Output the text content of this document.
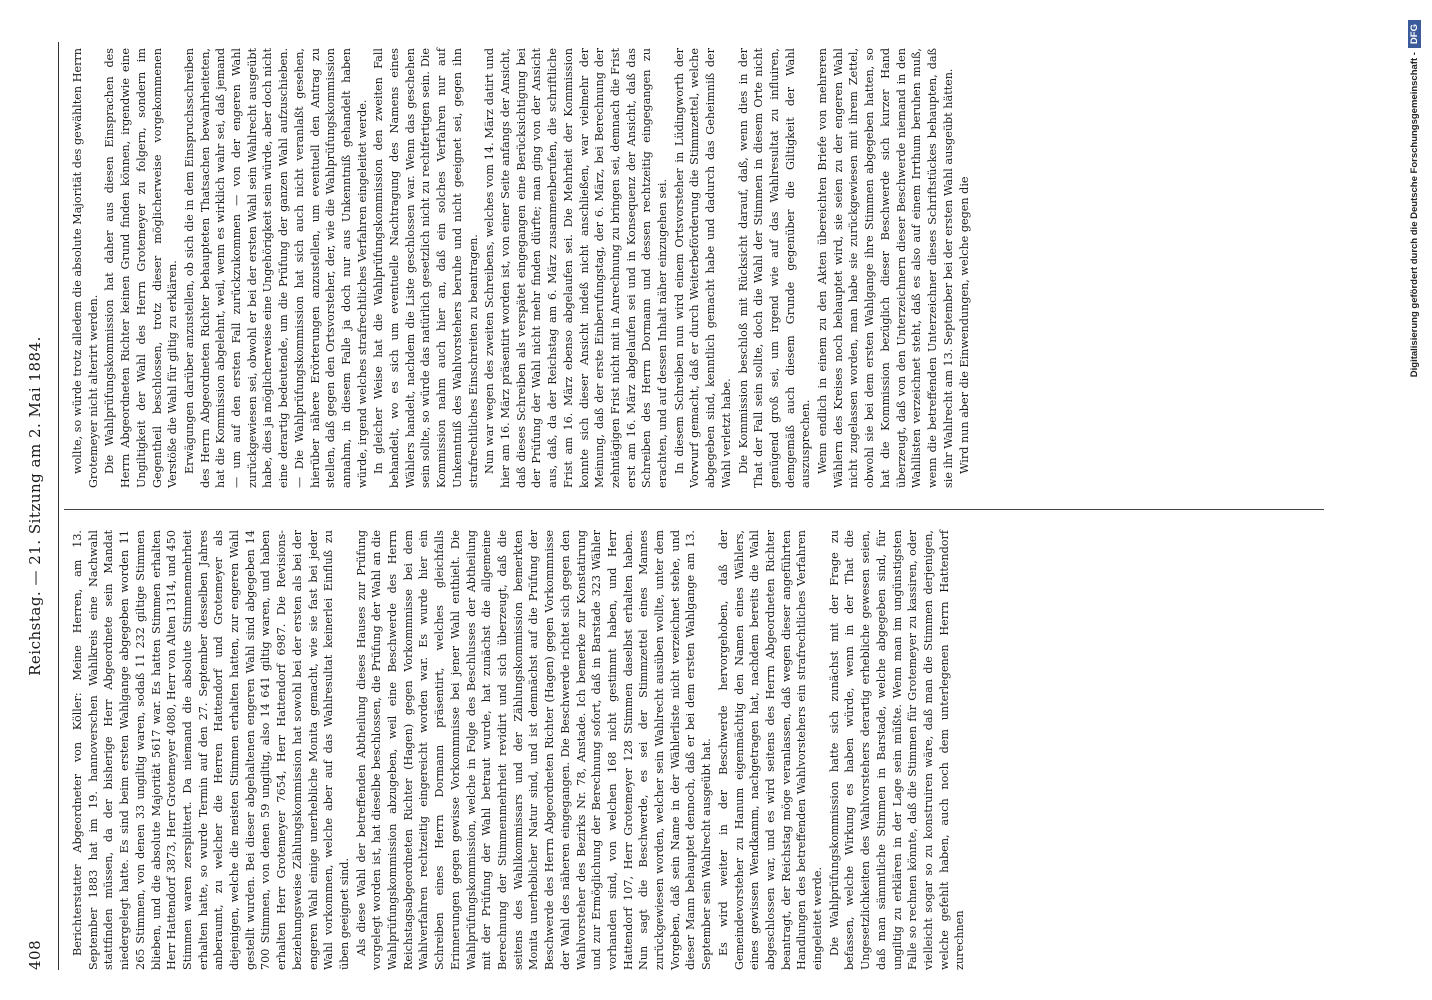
408
Reichstag. — 21. Sitzung am 2. Mai 1884.

Berichterstatter Abgeordneter von Köller: Meine Herren, am 13. September 1883 hat im 19. hannoverschen Wahlkreis eine Nachwahl stattfinden müssen, da der bisherige Herr Abgeordnete sein Mandat niedergelegt hatte. Es sind beim ersten Wahlgange abgegeben worden 11 265 Stimmen, von denen 33 ungiltig waren, sodaß 11 232 giltige Stimmen blieben, und die absolute Majorität 5617 war. Es hatten Stimmen erhalten Herr Hattendorf 3873, Herr Grotemeyer 4080, Herr von Alten 1314, und 450 Stimmen waren zersplittert. Da niemand die absolute Stimmenmehrheit erhalten hatte, so wurde Termin auf den 27. September desselben Jahres anberaumt, zu welcher die Herren Hattendorf und Grotemeyer als diejenigen, welche die meisten Stimmen erhalten hatten, zur engeren Wahl gestellt wurden. Bei dieser abgehaltenen engeren Wahl sind abgegeben 14 700 Stimmen, von denen 59 ungiltig, also 14 641 giltig waren, und haben erhalten Herr Grotemeyer 7654, Herr Hattendorf 6987. Die Revisions- beziehungsweise Zählungskommission hat sowohl bei der ersten als bei der engeren Wahl einige unerhebliche Monita gemacht, wie sie fast bei jeder Wahl vorkommen, welche aber auf das Wahlresultat keinerlei Einfluß zu üben geeignet sind. Als diese Wahl der betreffenden Abtheilung dieses Hauses zur Prüfung vorgelegt worden ist, hat dieselbe beschlossen, die Prüfung der Wahl an die Wahlprüfungskommission abzugeben, weil eine Beschwerde des Herrn Reichstagsabgeordneten Richter (Hagen) gegen Vorkommnisse bei dem Wahlverfahren rechtzeitig eingereicht worden war. Es wurde hier ein Schreiben eines Herrn Dormann präsentirt, welches gleichfalls Erinnerungen gegen gewisse Vorkommnisse bei jener Wahl enthielt. Die Wahlprüfungskommission, welche in Folge des Beschlusses der Abtheilung mit der Prüfung der Wahl betraut wurde, hat zunächst die allgemeine Berechnung der Stimmenmehrheit revidirt und sich überzeugt, daß die seitens des Wahlkommissars und der Zählungskommission bemerkten Monita unerheblicher Natur sind, und ist demnächst auf die Prüfung der Beschwerde des Herrn Abgeordneten Richter (Hagen) gegen Vorkommnisse der Wahl des näheren eingegangen. Die Beschwerde richtet sich gegen den Wahlvorsteher des Bezirks Nr. 78, Anstade. Ich bemerke zur Konstatirung und zur Ermöglichung der Berechnung sofort, daß in Barstade 323 Wähler vorhanden sind, von welchen 168 nicht gestimmt haben, und Herr Hattendorf 107, Herr Grotemeyer 128 Stimmen daselbst erhalten haben. Nun sagt die Beschwerde, es sei der Stimmzettel eines Mannes zurückgewiesen worden, welcher sein Wahlrecht ausüben wollte, unter dem Vorgeben, daß sein Name in der Wählerliste nicht verzeichnet stehe, und dieser Mann behauptet dennoch, daß er bei dem ersten Wahlgange am 13. September sein Wahlrecht ausgeübt hat. Es wird weiter in der Beschwerde hervorgehoben, daß der Gemeindevorsteher zu Hanum eigenmächtig den Namen eines Wählers, eines gewissen Wendkamm, nachgetragen hat, nachdem bereits die Wahl abgeschlossen war, und es wird seitens des Herrn Abgeordneten Richter beantragt, der Reichstag möge veranlassen, daß wegen dieser angeführten Handlungen des betreffenden Wahlvorstehers ein strafrechtliches Verfahren eingeleitet werde. Die Wahlprüfungskommission hatte sich zunächst mit der Frage zu befassen, welche Wirkung es haben würde, wenn in der That die Ungesetzlichkeiten des Wahlvorstehers derartig erhebliche gewesen seien, daß man sämmtliche Stimmen in Barstade, welche abgegeben sind, für ungiltig zu erklären in der Lage sein müßte. Wenn man im ungünstigsten Falle so rechnen könnte, daß die Stimmen für Grotemeyer zu kassiren, oder vielleicht sogar so zu konstruiren wäre, daß man die Stimmen derjenigen, welche gefehlt haben, auch noch dem unterlegenen Herrn Hattendorf zurechnen

wollte, so würde trotz alledem die absolute Majorität des gewählten Herrn Grotemeyer nicht alterirt werden. Die Wahlprüfungskommission hat daher aus diesen Einsprachen des Herrn Abgeordneten Richter keinen Grund finden können, irgendwie eine Ungiltigkeit der Wahl des Herrn Grotemeyer zu folgern, sondern im Gegentheil beschlossen, trotz dieser möglicherweise vorgekommenen Verstöße die Wahl für giltig zu erklären. Erwägungen darüber anzustellen, ob sich die in dem Einspruchsschreiben des Herrn Abgeordneten Richter behaupteten Thatsachen bewahrheiteten, hat die Kommission abgelehnt, weil, wenn es wirklich wahr sei, daß jemand — um auf den ersten Fall zurückzukommen — von der engeren Wahl zurückgewiesen sei, obwohl er bei der ersten Wahl sein Wahlrecht ausgeübt habe, dies ja möglicherweise eine Ungehörigkeit sein würde, aber doch nicht eine derartig bedeutende, um die Prüfung der ganzen Wahl aufzuschieben. — Die Wahlprüfungskommission hat sich auch nicht veranlaßt gesehen, hierüber nähere Erörterungen anzustellen, um eventuell den Antrag zu stellen, daß gegen den Ortsvorsteher, der, wie die Wahlprüfungskommission annahm, in diesem Falle ja doch nur aus Unkenntniß gehandelt haben würde, irgend welches strafrechtliches Verfahren eingeleitet werde. In gleicher Weise hat die Wahlprüfungskommission den zweiten Fall behandelt, wo es sich um eventuelle Nachtragung des Namens eines Wählers handelt, nachdem die Liste geschlossen war. Wenn das geschehen sein sollte, so würde das natürlich gesetzlich nicht zu rechtfertigen sein. Die Kommission nahm auch hier an, daß ein solches Verfahren nur auf Unkenntniß des Wahlvorstehers beruhe und nicht geeignet sei, gegen ihn strafrechtliches Einschreiten zu beantragen. Nun war wegen des zweiten Schreibens, welches vom 14. März datirt und hier am 16. März präsentirt worden ist, von einer Seite anfangs der Ansicht, daß dieses Schreiben als verspätet eingegangen eine Berücksichtigung bei der Prüfung der Wahl nicht mehr finden dürfte; man ging von der Ansicht aus, daß, da der Reichstag am 6. März zusammenberufen, die schriftliche Frist am 16. März ebenso abgelaufen sei. Die Mehrheit der Kommission konnte sich dieser Ansicht indeß nicht anschließen, war vielmehr der Meinung, daß der erste Einberufungstag, der 6. März, bei Berechnung der zehntägigen Frist nicht mit in Anrechnung zu bringen sei, demnach die Frist erst am 16. März abgelaufen sei und in Konsequenz der Ansicht, daß das Schreiben des Herrn Dormann und dessen rechtzeitig eingegangen zu erachten, und auf dessen Inhalt näher einzugehen sei. In diesem Schreiben nun wird einem Ortsvorsteher in Lüdingworth der Vorwurf gemacht, daß er durch Weiterbeförderung die Stimmzettel, welche abgegeben sind, kenntlich gemacht habe und dadurch das Geheimniß der Wahl verletzt habe. Die Kommission beschloß mit Rücksicht darauf, daß, wenn dies in der That der Fall sein sollte, doch die Wahl der Stimmen in diesem Orte nicht genügend groß sei, um irgend wie auf das Wahlresultat zu influiren, demgemäß auch diesem Grunde gegenüber die Giltigkeit der Wahl auszusprechen. Wenn endlich in einem zu den Akten übereichten Briefe von mehreren Wählern des Kreises noch behauptet wird, sie seien zu der engeren Wahl nicht zugelassen worden, man habe sie zurückgewiesen mit ihrem Zettel, obwohl sie bei dem ersten Wahlgange ihre Stimmen abgegeben hatten, so hat die Kommission bezüglich dieser Beschwerde sich kurzer Hand überzeugt, daß von den Unterzeichnern dieser Beschwerde niemand in den Wahllisten verzeichnet steht, daß es also auf einem Irrthum beruhen muß, wenn die betreffenden Unterzeichner dieses Schriftstückes behaupten, daß sie ihr Wahlrecht am 13. September bei der ersten Wahl ausgeübt hätten. Wird nun aber die Einwendungen, welche gegen die	Digitalisierung gefördert durch die Deutsche Forschungsgemeinschaft -DFG
